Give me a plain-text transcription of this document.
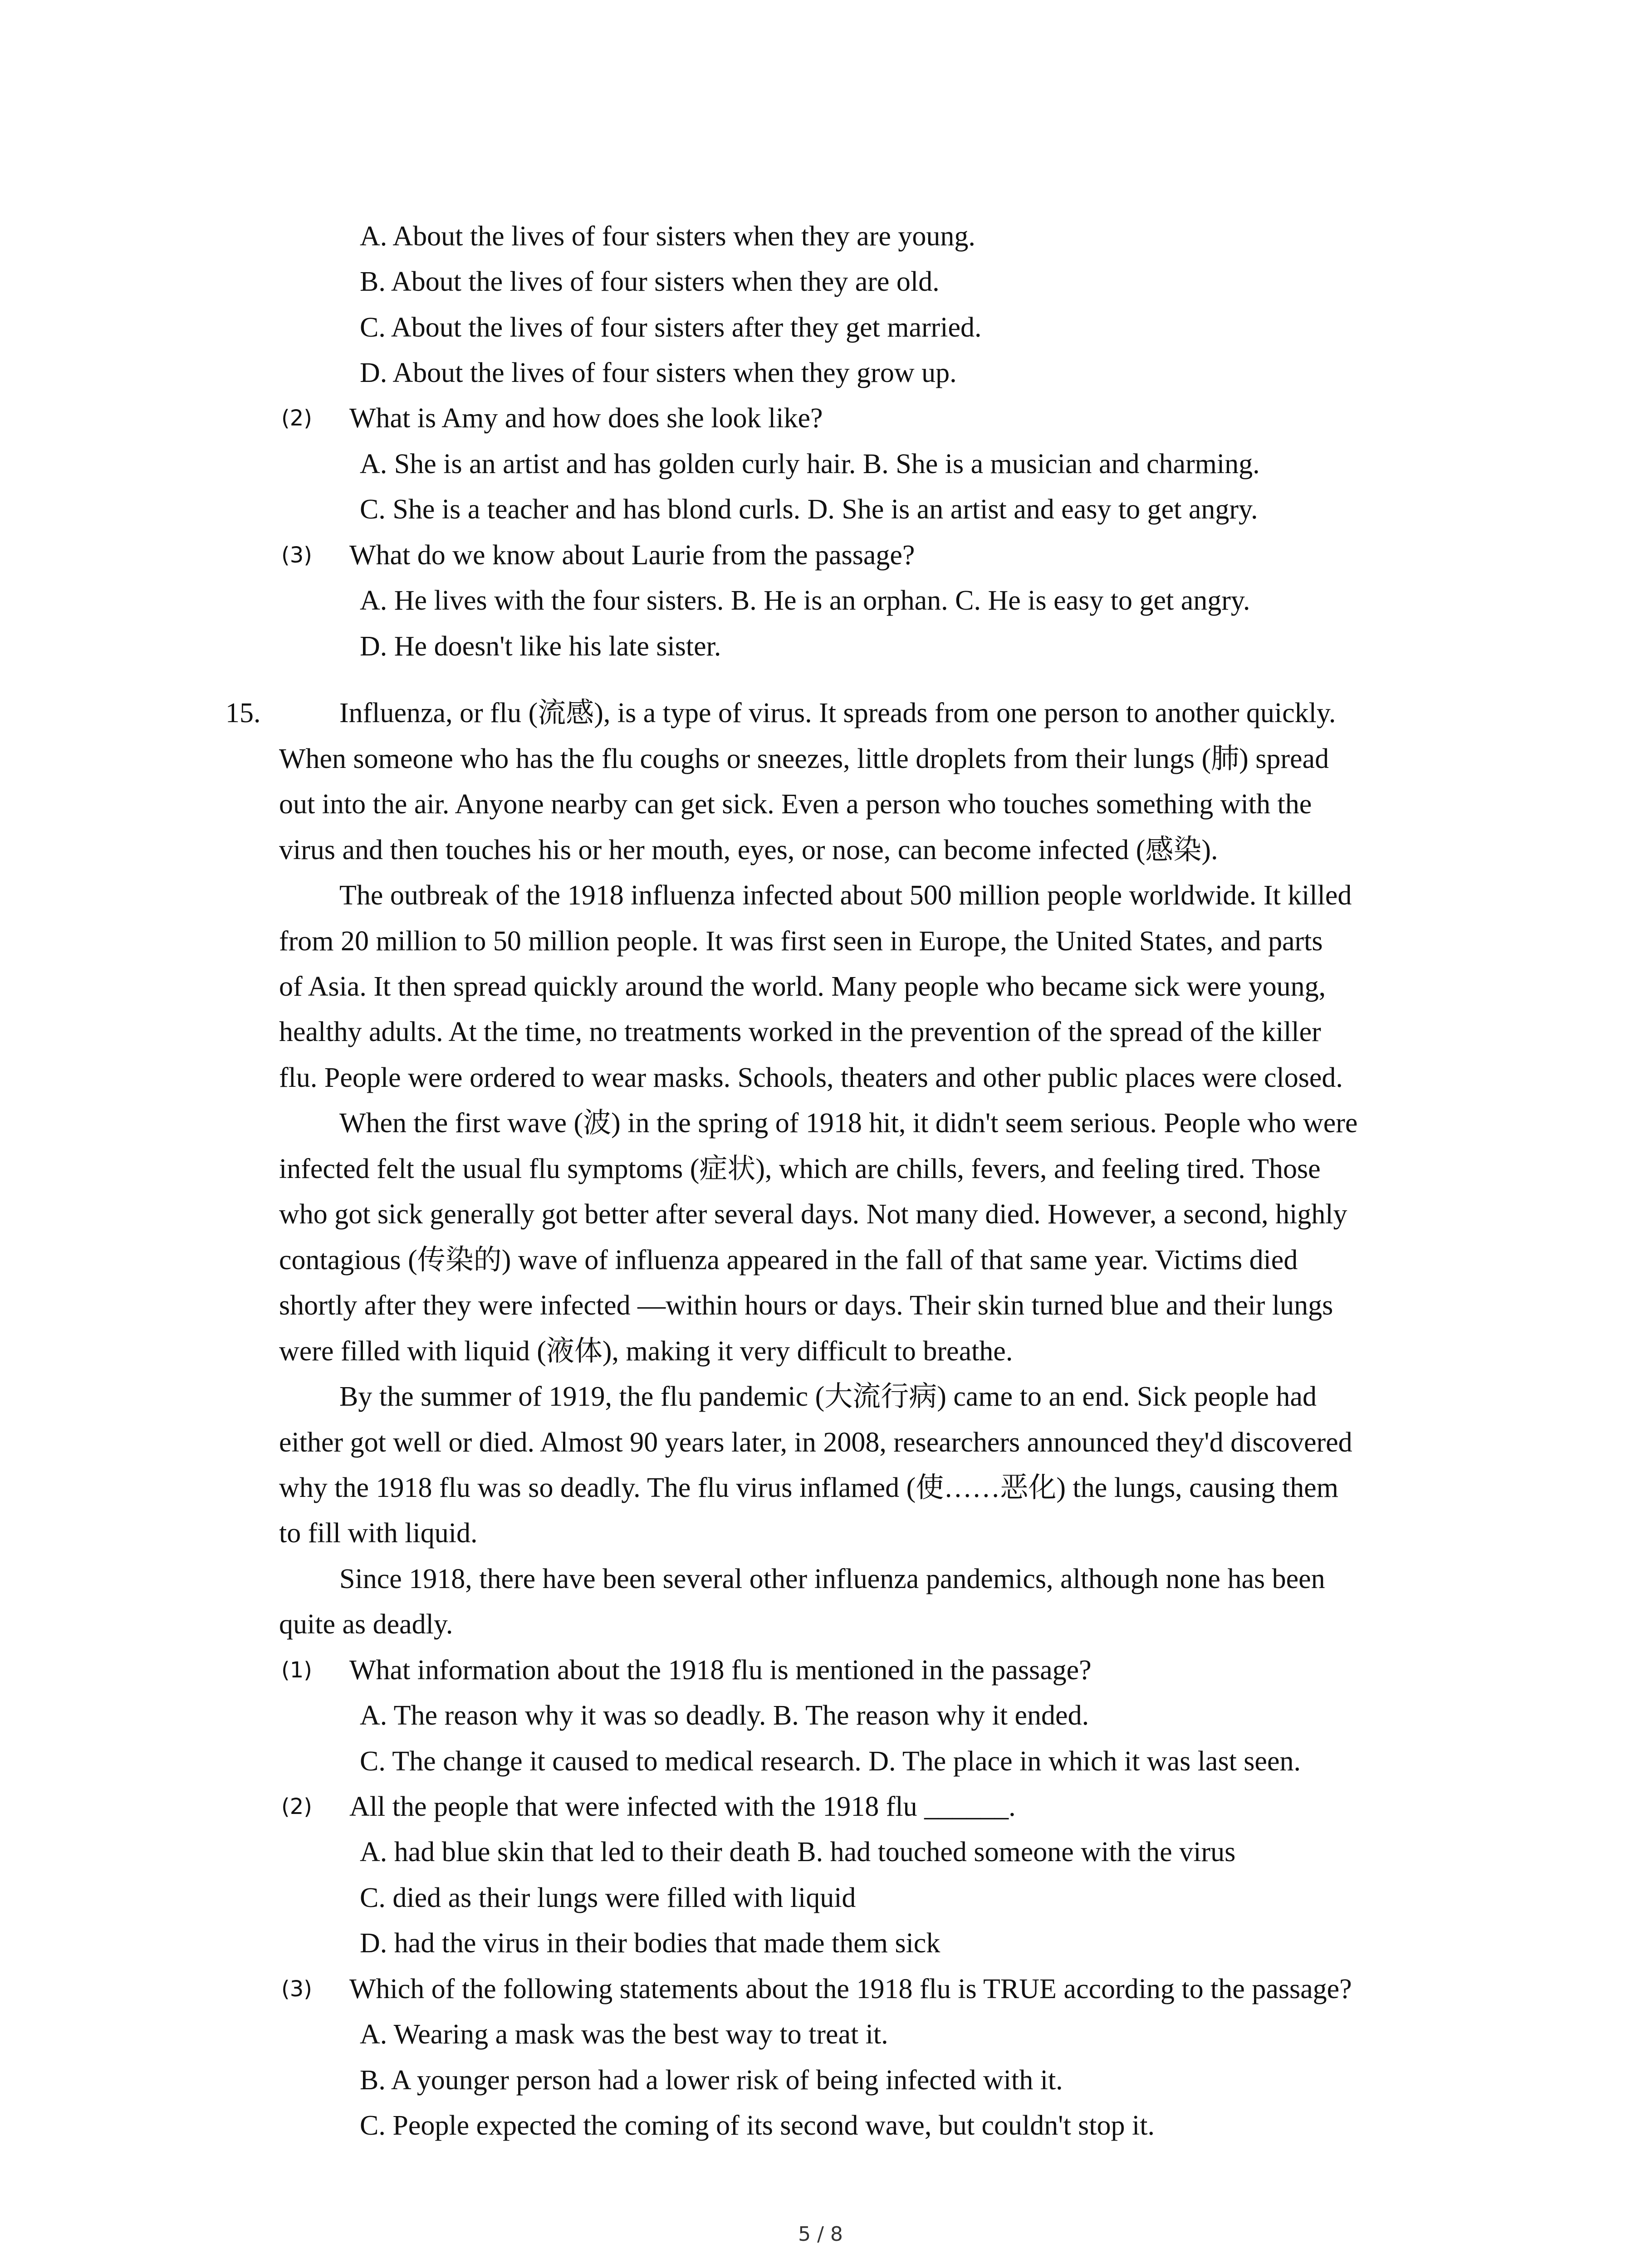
A. About the lives of four sisters when they are young.
B. About the lives of four sisters when they are old.
C. About the lives of four sisters after they get married.
D. About the lives of four sisters when they grow up.
(2) What is Amy and how does she look like?
A. She is an artist and has golden curly hair. B. She is a musician and charming.
C. She is a teacher and has blond curls. D. She is an artist and easy to get angry.
(3) What do we know about Laurie from the passage?
A. He lives with the four sisters. B. He is an orphan. C. He is easy to get angry.
D. He doesn't like his late sister.
15.	Influenza, or flu (流感), is a type of virus. It spreads from one person to another quickly.
When someone who has the flu coughs or sneezes, little droplets from their lungs (肺) spread
out into the air. Anyone nearby can get sick. Even a person who touches something with the
virus and then touches his or her mouth, eyes, or nose, can become infected (感染).
The outbreak of the 1918 influenza infected about 500 million people worldwide. It killed
from 20 million to 50 million people. It was first seen in Europe, the United States, and parts
of Asia. It then spread quickly around the world. Many people who became sick were young,
healthy adults. At the time, no treatments worked in the prevention of the spread of the killer
flu. People were ordered to wear masks. Schools, theaters and other public places were closed.
When the first wave (波) in the spring of 1918 hit, it didn't seem serious. People who were
infected felt the usual flu symptoms (症状), which are chills, fevers, and feeling tired. Those
who got sick generally got better after several days. Not many died. However, a second, highly
contagious (传染的) wave of influenza appeared in the fall of that same year. Victims died
shortly after they were infected —within hours or days. Their skin turned blue and their lungs
were filled with liquid (液体), making it very difficult to breathe.
By the summer of 1919, the flu pandemic (大流行病) came to an end. Sick people had
either got well or died. Almost 90 years later, in 2008, researchers announced they'd discovered
why the 1918 flu was so deadly. The flu virus inflamed (使……恶化) the lungs, causing them
to fill with liquid.
Since 1918, there have been several other influenza pandemics, although none has been
quite as deadly.
(1) What information about the 1918 flu is mentioned in the passage?
A. The reason why it was so deadly. B. The reason why it ended.
C. The change it caused to medical research. D. The place in which it was last seen.
(2) All the people that were infected with the 1918 flu ______.
A. had blue skin that led to their death B. had touched someone with the virus
C. died as their lungs were filled with liquid
D. had the virus in their bodies that made them sick
(3) Which of the following statements about the 1918 flu is TRUE according to the passage?
A. Wearing a mask was the best way to treat it.
B. A younger person had a lower risk of being infected with it.
C. People expected the coming of its second wave, but couldn't stop it.
5 / 8
